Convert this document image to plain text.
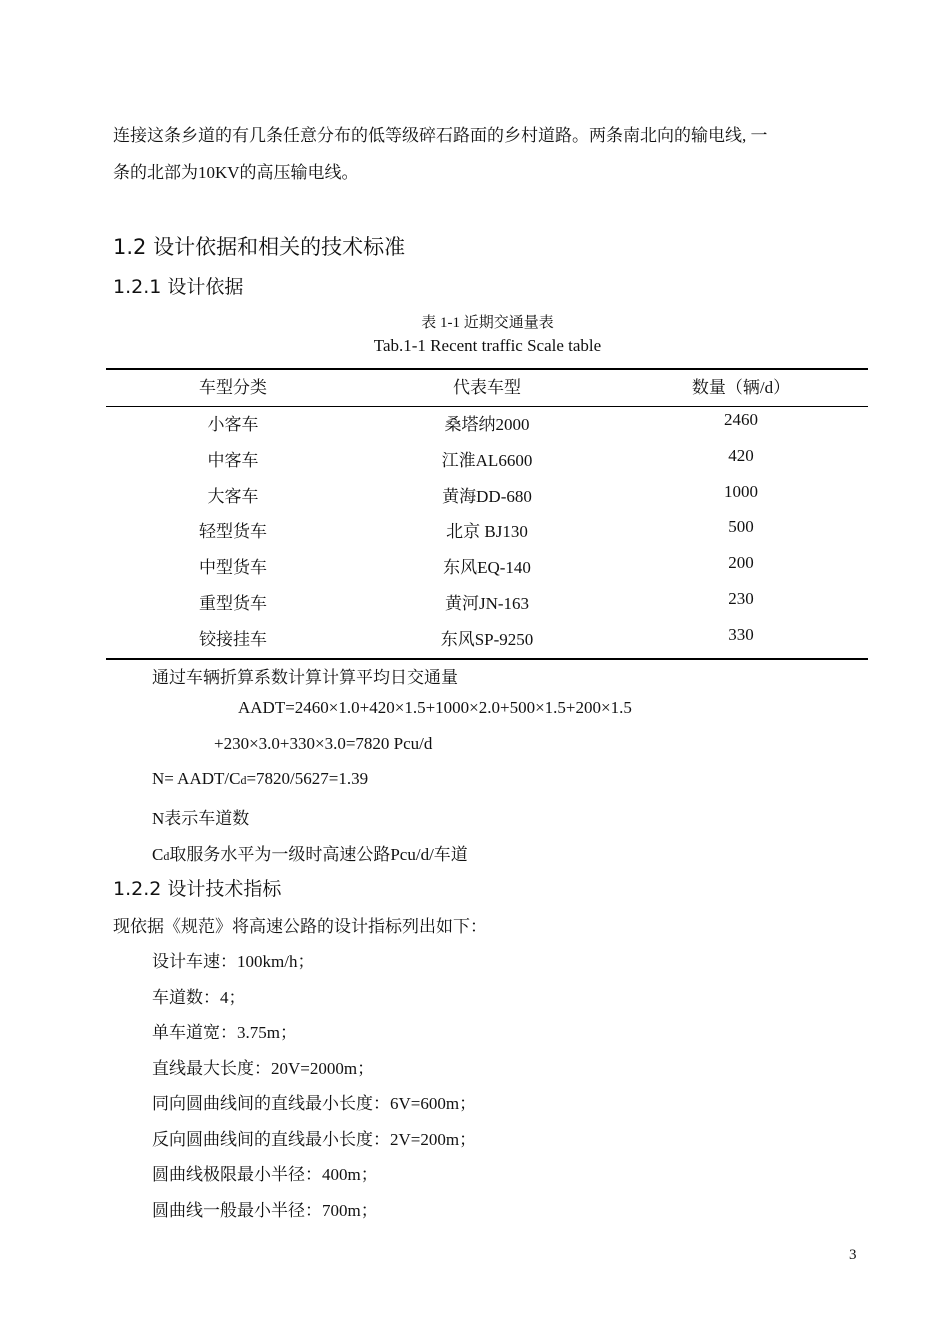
连接这条乡道的有几条任意分布的低等级碎石路面的乡村道路。两条南北向的输电线, 一
条的北部为10KV的高压输电线。
1.2 设计依据和相关的技术标准
1.2.1 设计依据
表 1-1 近期交通量表
Tab.1-1 Recent traffic Scale table
车型分类	代表车型	数量（辆/d）
小客车	桑塔纳2000	2460
中客车	江淮AL6600	420
大客车	黄海DD-680	1000
轻型货车	北京 BJ130	500
中型货车	东风EQ-140	200
重型货车	黄河JN-163	230
铰接挂车	东风SP-9250	330
通过车辆折算系数计算计算平均日交通量
AADT=2460×1.0+420×1.5+1000×2.0+500×1.5+200×1.5
+230×3.0+330×3.0=7820 Pcu/d
N= AADT/Cd=7820/5627=1.39
N表示车道数
Cd取服务水平为一级时高速公路Pcu/d/车道
1.2.2 设计技术指标
现依据《规范》将高速公路的设计指标列出如下：
设计车速：100km/h；
车道数：4；
单车道宽：3.75m；
直线最大长度：20V=2000m；
同向圆曲线间的直线最小长度：6V=600m；
反向圆曲线间的直线最小长度：2V=200m；
圆曲线极限最小半径：400m；
圆曲线一般最小半径：700m；
3
